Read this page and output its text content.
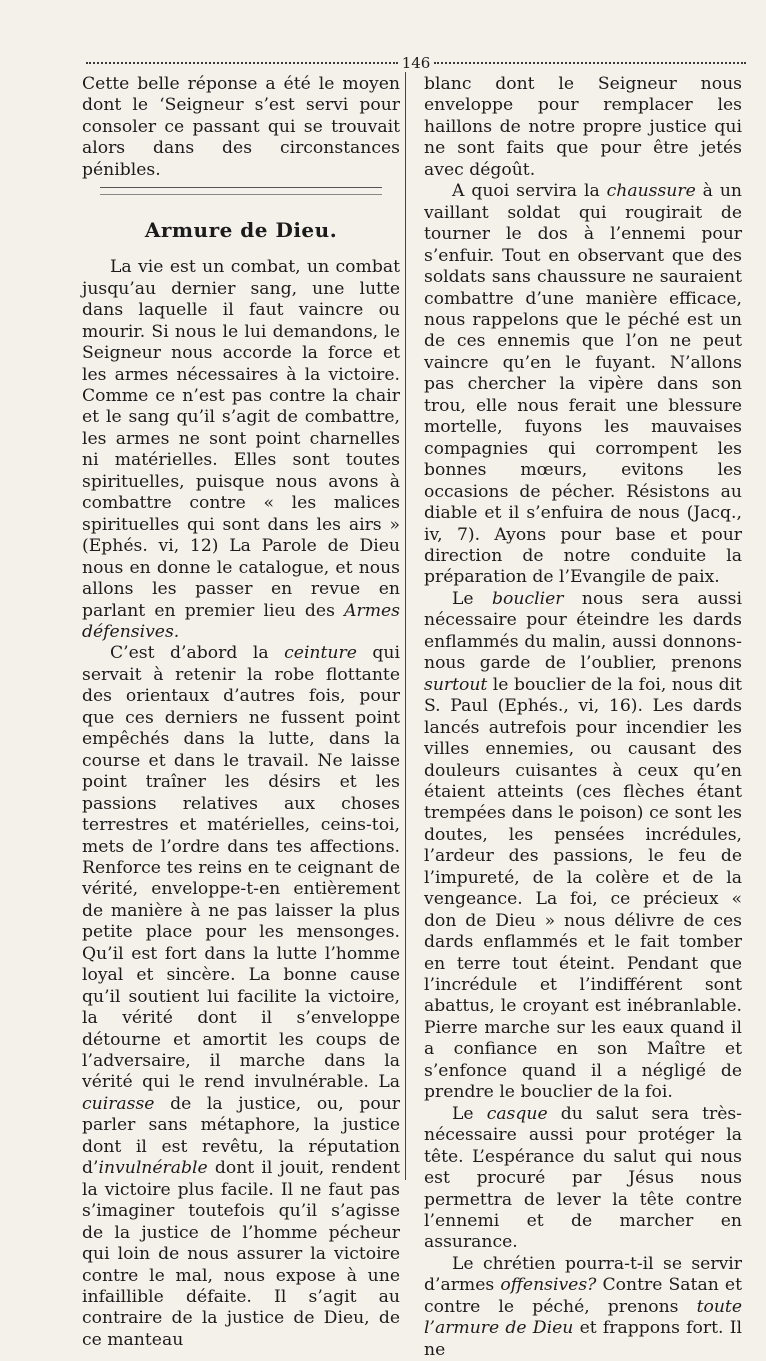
146

Cette belle réponse a été le moyen dont le ‘Seigneur s’est servi pour consoler ce passant qui se trouvait alors dans des circonstances pénibles.

Armure de Dieu.

La vie est un combat, un combat jusqu’au dernier sang, une lutte dans laquelle il faut vaincre ou mourir. Si nous le lui demandons, le Seigneur nous accorde la force et les armes nécessaires à la victoire. Comme ce n’est pas contre la chair et le sang qu’il s’agit de combattre, les armes ne sont point charnelles ni matérielles. Elles sont toutes spirituelles, puisque nous avons à combattre contre « les malices spirituelles qui sont dans les airs » (Ephés. vi, 12) La Parole de Dieu nous en donne le catalogue, et nous allons les passer en revue en parlant en premier lieu des Armes défensives.

C’est d’abord la ceinture qui servait à retenir la robe flottante des orientaux d’autres fois, pour que ces derniers ne fussent point empêchés dans la lutte, dans la course et dans le travail. Ne laisse point traîner les désirs et les passions relatives aux choses terrestres et matérielles, ceins-toi, mets de l’ordre dans tes affections. Renforce tes reins en te ceignant de vérité, enveloppe-t-en entièrement de manière à ne pas laisser la plus petite place pour les mensonges. Qu’il est fort dans la lutte l’homme loyal et sincère. La bonne cause qu’il soutient lui facilite la victoire, la vérité dont il s’enveloppe détourne et amortit les coups de l’adversaire, il marche dans la vérité qui le rend invulnérable. La cuirasse de la justice, ou, pour parler sans métaphore, la justice dont il est revêtu, la réputation d’invulnérable dont il jouit, rendent la victoire plus facile. Il ne faut pas s’imaginer toutefois qu’il s’agisse de la justice de l’homme pécheur qui loin de nous assurer la victoire contre le mal, nous expose à une infaillible défaite. Il s’agit au contraire de la justice de Dieu, de ce manteau

blanc dont le Seigneur nous enveloppe pour remplacer les haillons de notre propre justice qui ne sont faits que pour être jetés avec dégoût.

A quoi servira la chaussure à un vaillant soldat qui rougirait de tourner le dos à l’ennemi pour s’enfuir. Tout en observant que des soldats sans chaussure ne sauraient combattre d’une manière efficace, nous rappelons que le péché est un de ces ennemis que l’on ne peut vaincre qu’en le fuyant. N’allons pas chercher la vipère dans son trou, elle nous ferait une blessure mortelle, fuyons les mauvaises compagnies qui corrompent les bonnes mœurs, evitons les occasions de pécher. Résistons au diable et il s’enfuira de nous (Jacq., iv, 7). Ayons pour base et pour direction de notre conduite la préparation de l’Evangile de paix.

Le bouclier nous sera aussi nécessaire pour éteindre les dards enflammés du malin, aussi donnons-nous garde de l’oublier, prenons surtout le bouclier de la foi, nous dit S. Paul (Ephés., vi, 16). Les dards lancés autrefois pour incendier les villes ennemies, ou causant des douleurs cuisantes à ceux qu’en étaient atteints (ces flèches étant trempées dans le poison) ce sont les doutes, les pensées incrédules, l’ardeur des passions, le feu de l’impureté, de la colère et de la vengeance. La foi, ce précieux « don de Dieu » nous délivre de ces dards enflammés et le fait tomber en terre tout éteint. Pendant que l’incrédule et l’indifférent sont abattus, le croyant est inébranlable. Pierre marche sur les eaux quand il a confiance en son Maître et s’enfonce quand il a négligé de prendre le bouclier de la foi.

Le casque du salut sera très-nécessaire aussi pour protéger la tête. L’espérance du salut qui nous est procuré par Jésus nous permettra de lever la tête contre l’ennemi et de marcher en assurance.

Le chrétien pourra-t-il se servir d’armes offensives? Contre Satan et contre le péché, prenons toute l’armure de Dieu et frappons fort. Il ne
